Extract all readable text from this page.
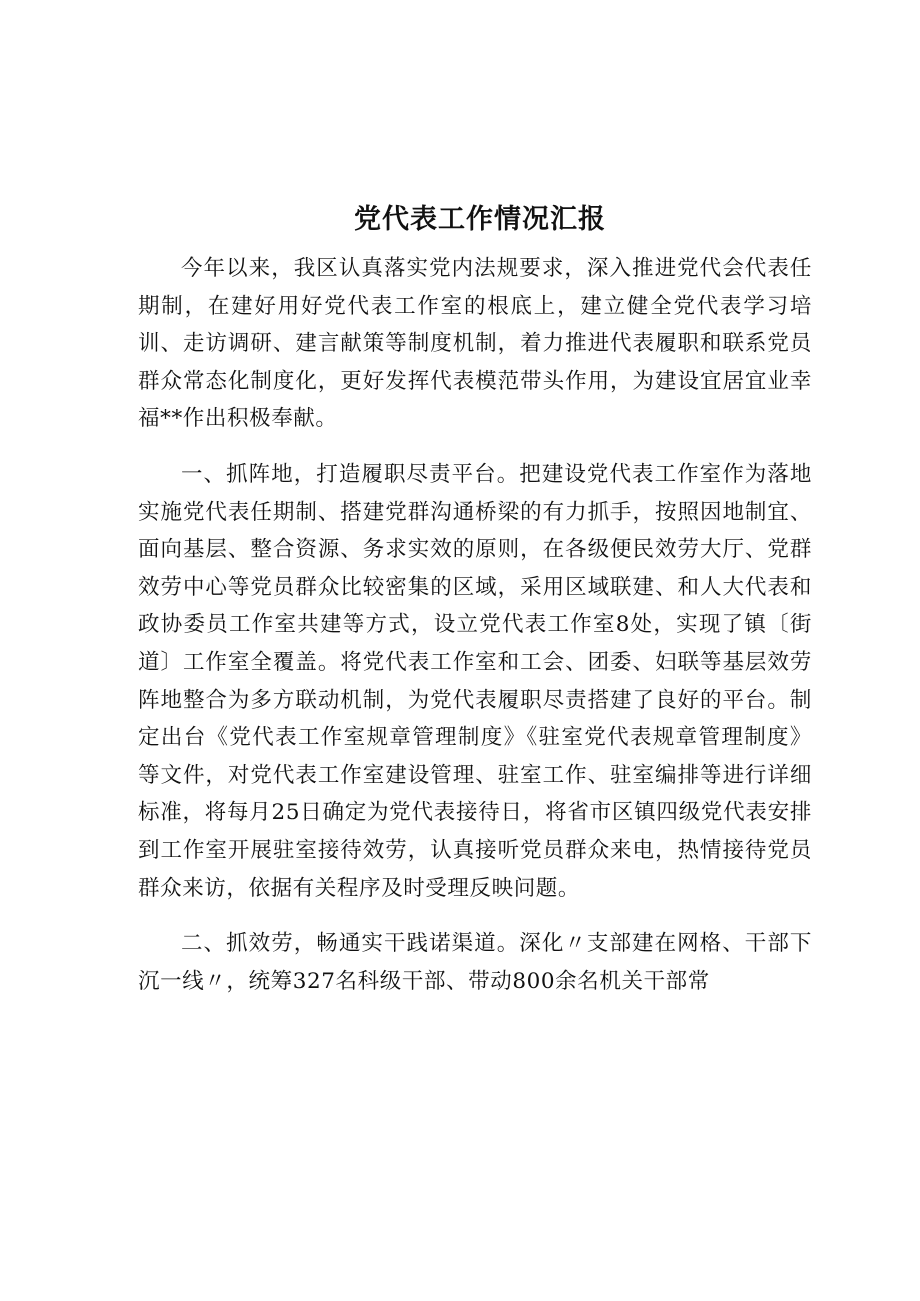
党代表工作情况汇报

今年以来，我区认真落实党内法规要求，深入推进党代会代表任期制，在建好用好党代表工作室的根底上，建立健全党代表学习培训、走访调研、建言献策等制度机制，着力推进代表履职和联系党员群众常态化制度化，更好发挥代表模范带头作用，为建设宜居宜业幸福**作出积极奉献。

一、抓阵地，打造履职尽责平台。把建设党代表工作室作为落地实施党代表任期制、搭建党群沟通桥梁的有力抓手，按照因地制宜、面向基层、整合资源、务求实效的原则，在各级便民效劳大厅、党群效劳中心等党员群众比较密集的区域，采用区域联建、和人大代表和政协委员工作室共建等方式，设立党代表工作室8处，实现了镇〔街道〕工作室全覆盖。将党代表工作室和工会、团委、妇联等基层效劳阵地整合为多方联动机制，为党代表履职尽责搭建了良好的平台。制定出台《党代表工作室规章管理制度》《驻室党代表规章管理制度》等文件，对党代表工作室建设管理、驻室工作、驻室编排等进行详细标准，将每月25日确定为党代表接待日，将省市区镇四级党代表安排到工作室开展驻室接待效劳，认真接听党员群众来电，热情接待党员群众来访，依据有关程序及时受理反映问题。

二、抓效劳，畅通实干践诺渠道。深化〃支部建在网格、干部下沉一线〃，统筹327名科级干部、带动800余名机关干部常
